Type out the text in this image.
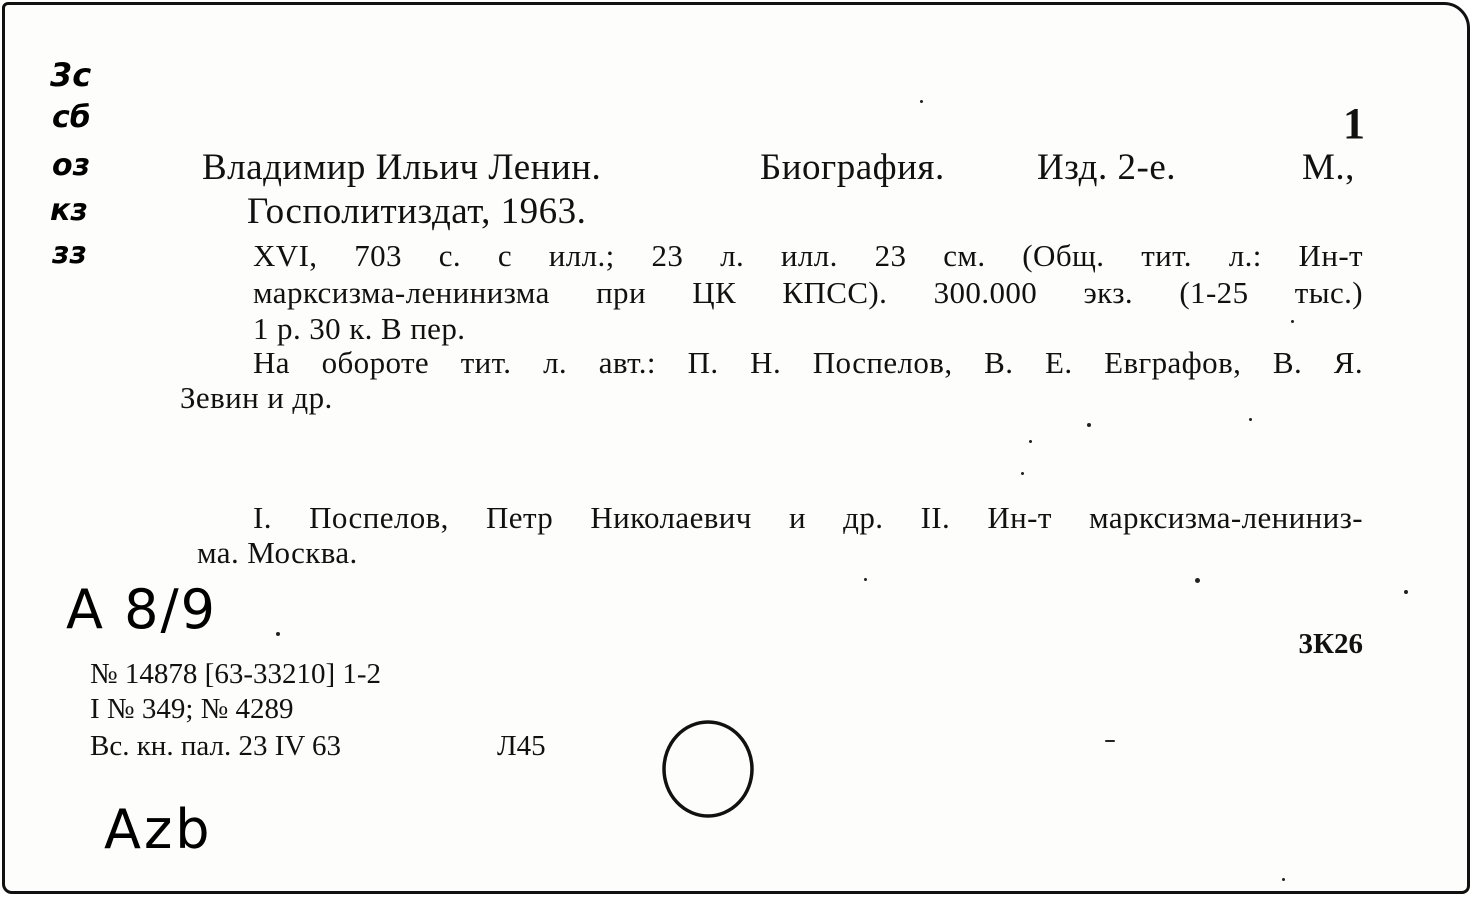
3с
сб
оз
кз
зз
1
Владимир Ильич Ленин.	Биография. Изд. 2-е.	М.,
Госполитиздат, 1963.
XVI, 703 с. с илл.; 23 л. илл. 23 см. (Общ. тит. л.: Ин-т
марксизма-ленинизма при ЦК КПСС). 300.000 экз. (1-25 тыс.)
1 р. 30 к. В пер.
На обороте тит. л. авт.: П. Н. Поспелов, В. Е. Евграфов, В. Я.
Зевин и др.
I. Поспелов, Петр Николаевич и др. II. Ин-т марксизма-лениниз-
ма. Москва.
3К26
А 8/9
№ 14878 [63-33210] 1-2
I № 349; № 4289
Вс. кн. пал. 23 IV 63	Л45
Аzb
